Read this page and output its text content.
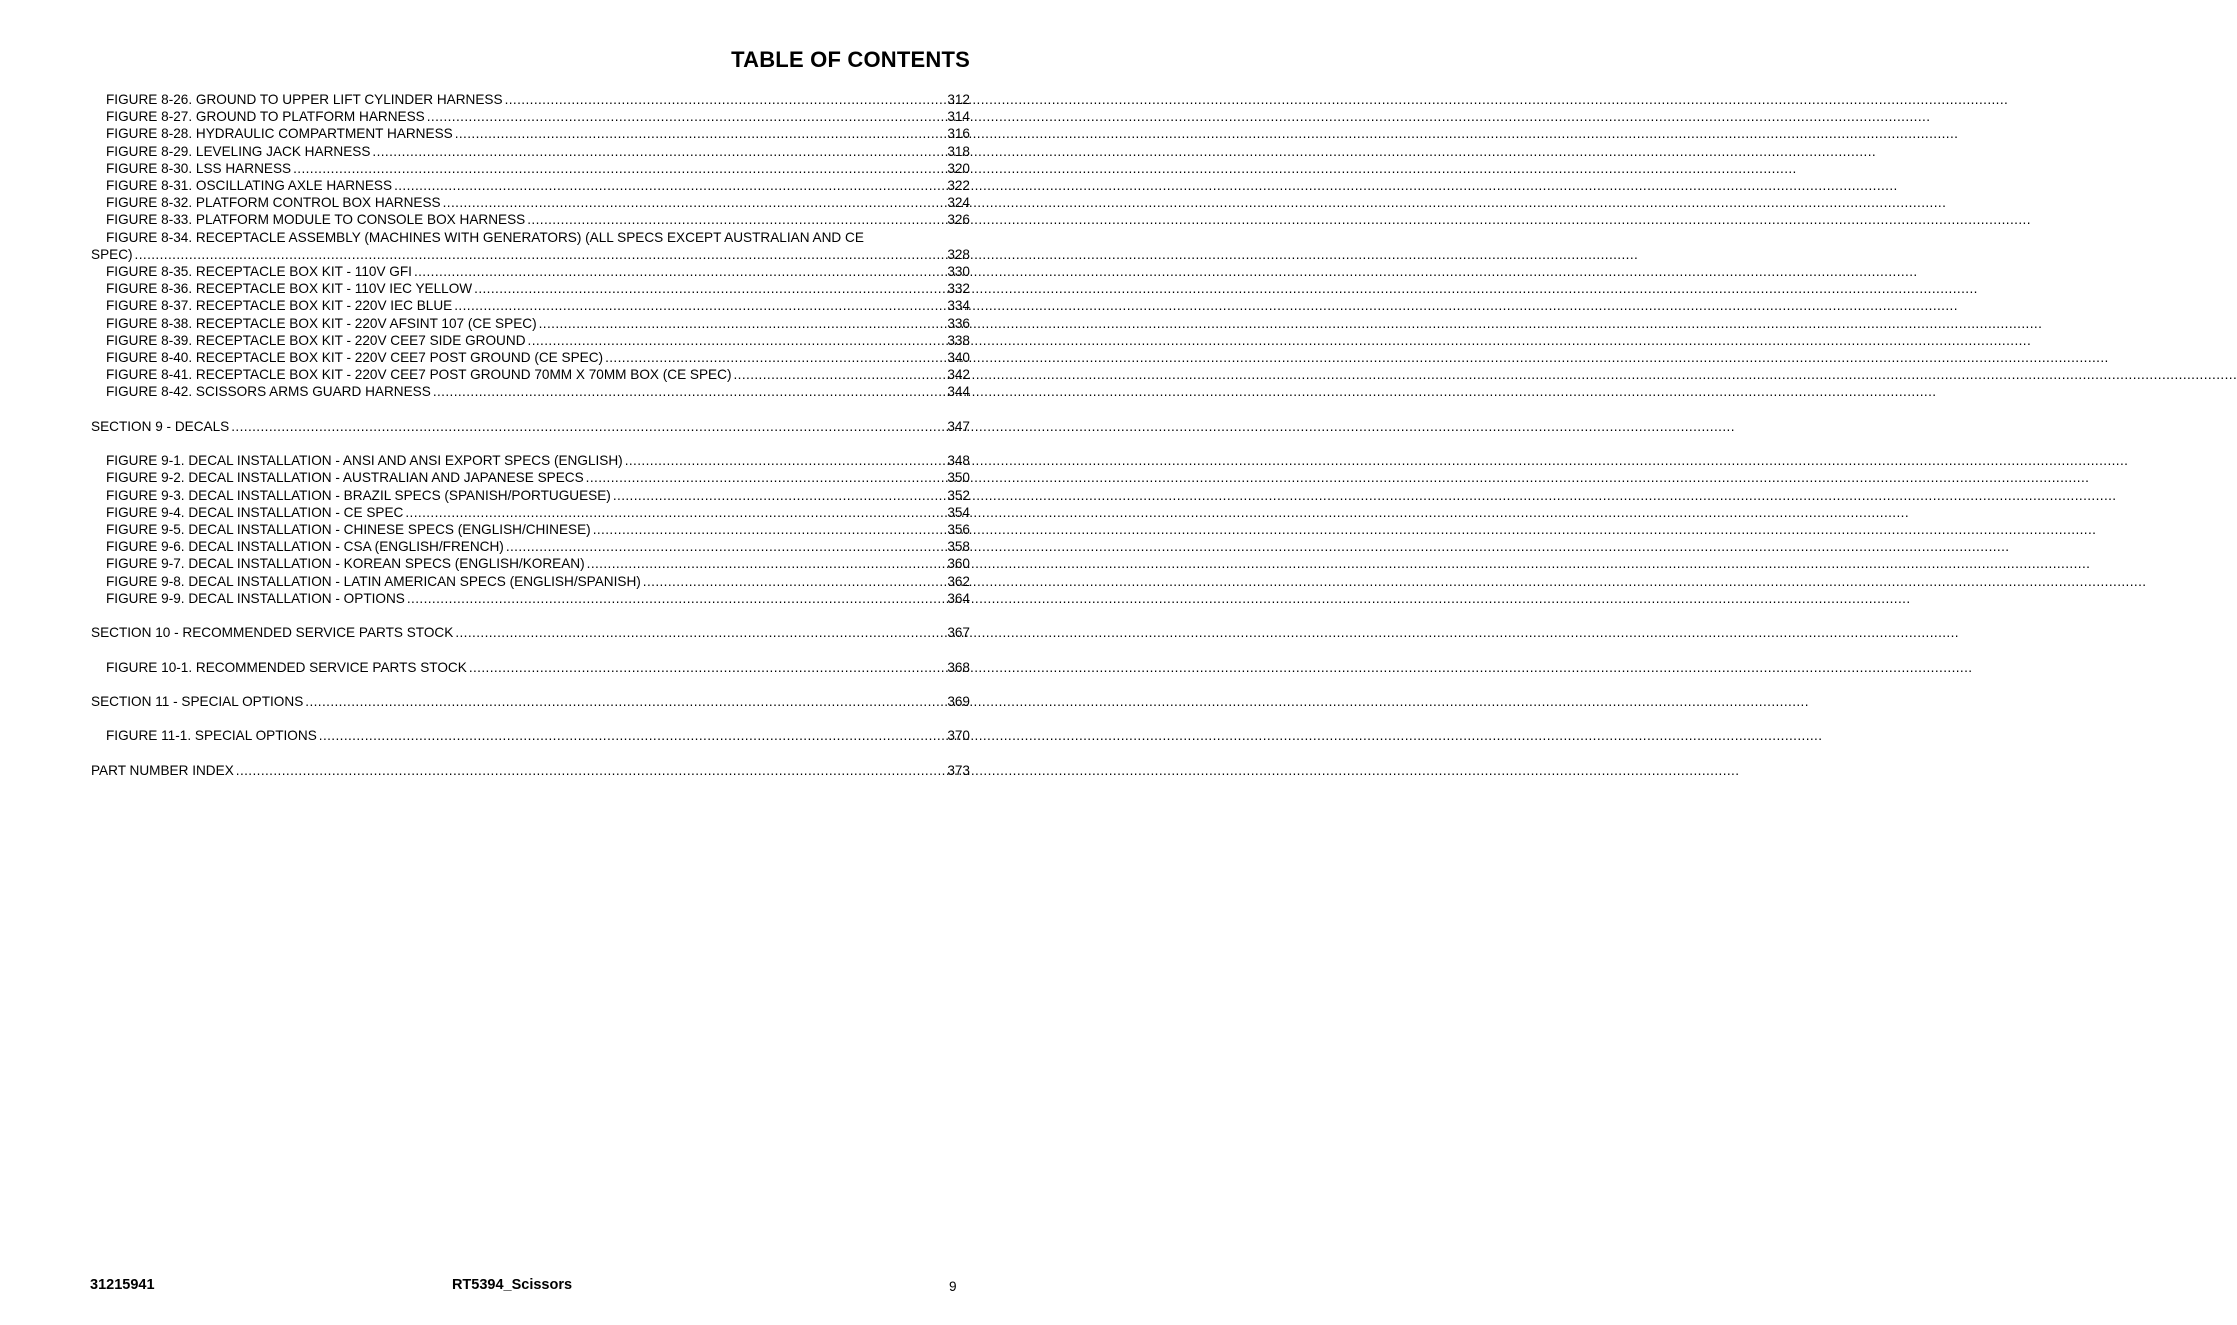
TABLE OF CONTENTS
FIGURE 8-26. GROUND TO UPPER LIFT CYLINDER HARNESS .....	312
FIGURE 8-27. GROUND TO PLATFORM HARNESS .....	314
FIGURE 8-28. HYDRAULIC COMPARTMENT HARNESS .....	316
FIGURE 8-29. LEVELING JACK HARNESS .....	318
FIGURE 8-30. LSS HARNESS .....	320
FIGURE 8-31. OSCILLATING AXLE HARNESS .....	322
FIGURE 8-32. PLATFORM CONTROL BOX HARNESS .....	324
FIGURE 8-33. PLATFORM MODULE TO CONSOLE BOX HARNESS .....	326
FIGURE 8-34. RECEPTACLE ASSEMBLY (MACHINES WITH GENERATORS) (ALL SPECS EXCEPT AUSTRALIAN AND CE
SPEC) .....	328
FIGURE 8-35. RECEPTACLE BOX KIT - 110V GFI .....	330
FIGURE 8-36. RECEPTACLE BOX KIT - 110V IEC YELLOW .....	332
FIGURE 8-37. RECEPTACLE BOX KIT - 220V IEC BLUE .....	334
FIGURE 8-38. RECEPTACLE BOX KIT - 220V AFSINT 107 (CE SPEC) .....	336
FIGURE 8-39. RECEPTACLE BOX KIT - 220V CEE7 SIDE GROUND .....	338
FIGURE 8-40. RECEPTACLE BOX KIT - 220V CEE7 POST GROUND (CE SPEC) .....	340
FIGURE 8-41. RECEPTACLE BOX KIT - 220V CEE7 POST GROUND 70MM X 70MM BOX (CE SPEC) .....	342
FIGURE 8-42. SCISSORS ARMS GUARD HARNESS .....	344
SECTION 9 - DECALS .....	347
FIGURE 9-1. DECAL INSTALLATION - ANSI AND ANSI EXPORT SPECS (ENGLISH) .....	348
FIGURE 9-2. DECAL INSTALLATION - AUSTRALIAN AND JAPANESE SPECS .....	350
FIGURE 9-3. DECAL INSTALLATION - BRAZIL SPECS (SPANISH/PORTUGUESE) .....	352
FIGURE 9-4. DECAL INSTALLATION - CE SPEC .....	354
FIGURE 9-5. DECAL INSTALLATION - CHINESE SPECS (ENGLISH/CHINESE) .....	356
FIGURE 9-6. DECAL INSTALLATION - CSA (ENGLISH/FRENCH) .....	358
FIGURE 9-7. DECAL INSTALLATION - KOREAN SPECS (ENGLISH/KOREAN) .....	360
FIGURE 9-8. DECAL INSTALLATION - LATIN AMERICAN SPECS (ENGLISH/SPANISH) .....	362
FIGURE 9-9. DECAL INSTALLATION - OPTIONS .....	364
SECTION 10 - RECOMMENDED SERVICE PARTS STOCK .....	367
FIGURE 10-1. RECOMMENDED SERVICE PARTS STOCK .....	368
SECTION 11 - SPECIAL OPTIONS .....	369
FIGURE 11-1. SPECIAL OPTIONS .....	370
PART NUMBER INDEX .....	373
31215941	RT5394_Scissors	9
